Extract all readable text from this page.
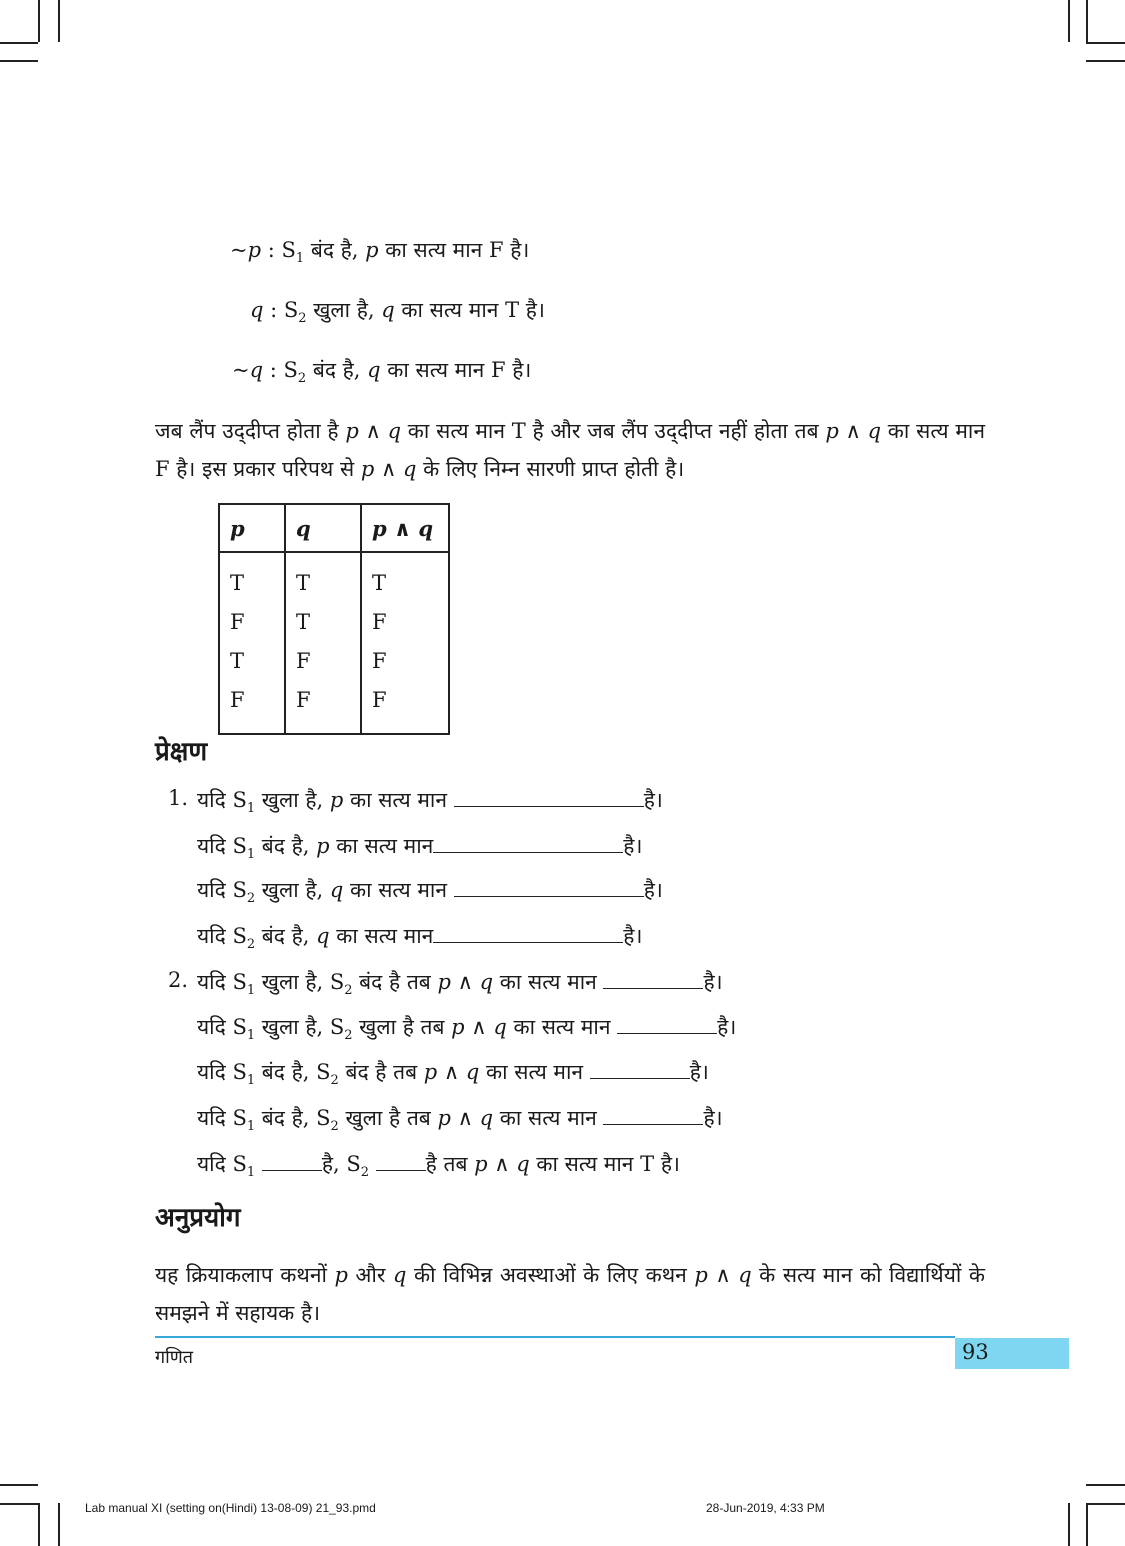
~p : $S_1$ बंद है, p का सत्य मान F है।
q : $S_2$ खुला है, q का सत्य मान T है।
~q : $S_2$ बंद है, q का सत्य मान F है।
जब लैंप उद्‌दीप्त होता है p ∧ q का सत्य मान T है और जब लैंप उद्‌दीप्त नहीं होता तब p ∧ q का सत्य मान F है। इस प्रकार परिपथ से p ∧ q के लिए निम्न सारणी प्राप्त होती है।
p	q	p ∧ q
T	T	T
F	T	F
T	F	F
F	F	F
प्रेक्षण
1. यदि $S_1$ खुला है, p का सत्य मान	है।
यदि $S_1$ बंद है, p का सत्य मान	है।
यदि $S_2$ खुला है, q का सत्य मान	है।
यदि $S_2$ बंद है, q का सत्य मान	है।
2. यदि $S_1$ खुला है, $S_2$ बंद है तब p ∧ q का सत्य मान	है।
यदि $S_1$ खुला है, $S_2$ खुला है तब p ∧ q का सत्य मान	है।
यदि $S_1$ बंद है, $S_2$ बंद है तब p ∧ q का सत्य मान	है।
यदि $S_1$ बंद है, $S_2$ खुला है तब p ∧ q का सत्य मान	है।
यदि $S_1$	है, $S_2$	है तब p ∧ q का सत्य मान T है।
अनुप्रयोग
यह क्रियाकलाप कथनों p और q की विभिन्न अवस्थाओं के लिए कथन p ∧ q के सत्य मान को विद्यार्थियों के समझने में सहायक है।
93
गणित
Lab manual XI (setting on(Hindi) 13-08-09) 21_93.pmd	28-Jun-2019, 4:33 PM
